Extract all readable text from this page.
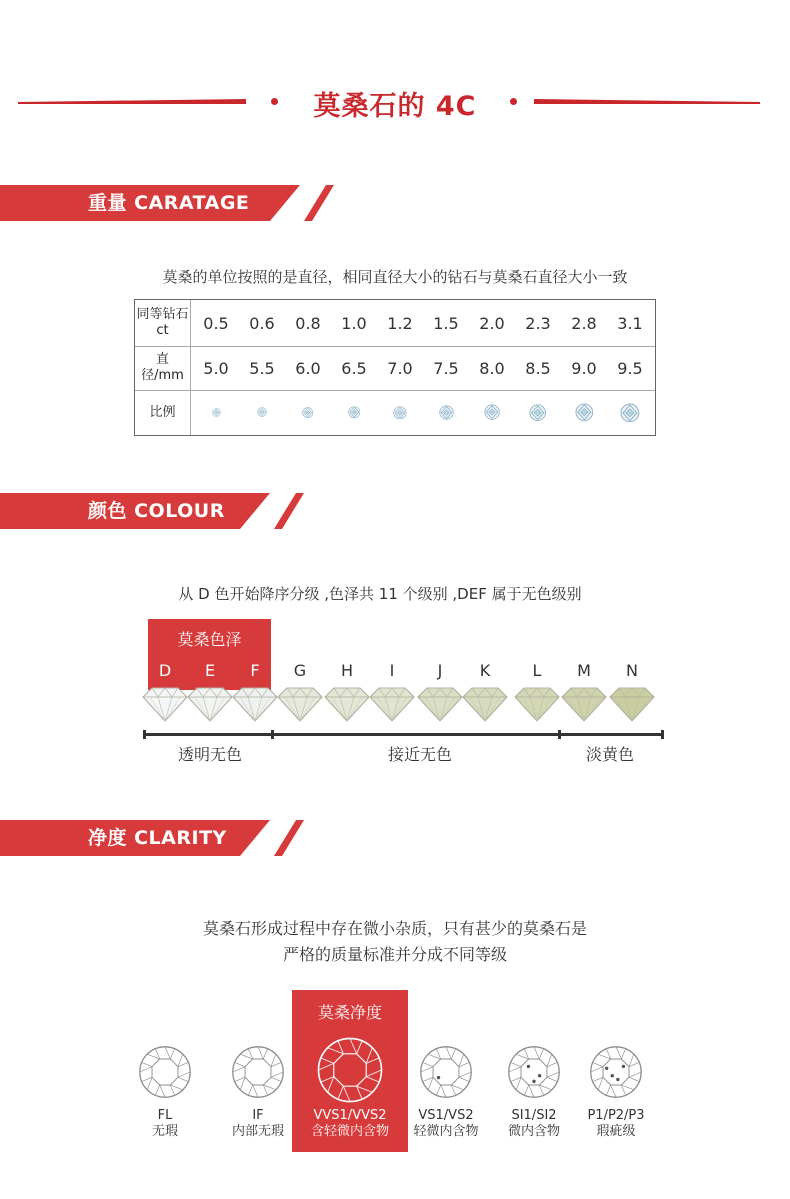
莫桑石的 4C
重量 CARATAGE
莫桑的单位按照的是直径，相同直径大小的钻石与莫桑石直径大小一致
同等钻石ct	0.5	0.6	0.8	1.0	1.2	1.5	2.0	2.3	2.8	3.1
直径/mm	5.0	5.5	6.0	6.5	7.0	7.5	8.0	8.5	9.0	9.5
比例
颜色 COLOUR
从 D 色开始降序分级 ,色泽共 11 个级别 ,DEF 属于无色级别
莫桑色泽
D	E	F	G	H	I	J	K	L	M	N
透明无色	接近无色	淡黄色
净度 CLARITY
莫桑石形成过程中存在微小杂质，只有甚少的莫桑石是
严格的质量标准并分成不同等级
莫桑净度
FL
无瑕
IF
内部无瑕
VVS1/VVS2
含轻微内含物
VS1/VS2
轻微内含物
SI1/SI2
微内含物
P1/P2/P3
瑕疵级
